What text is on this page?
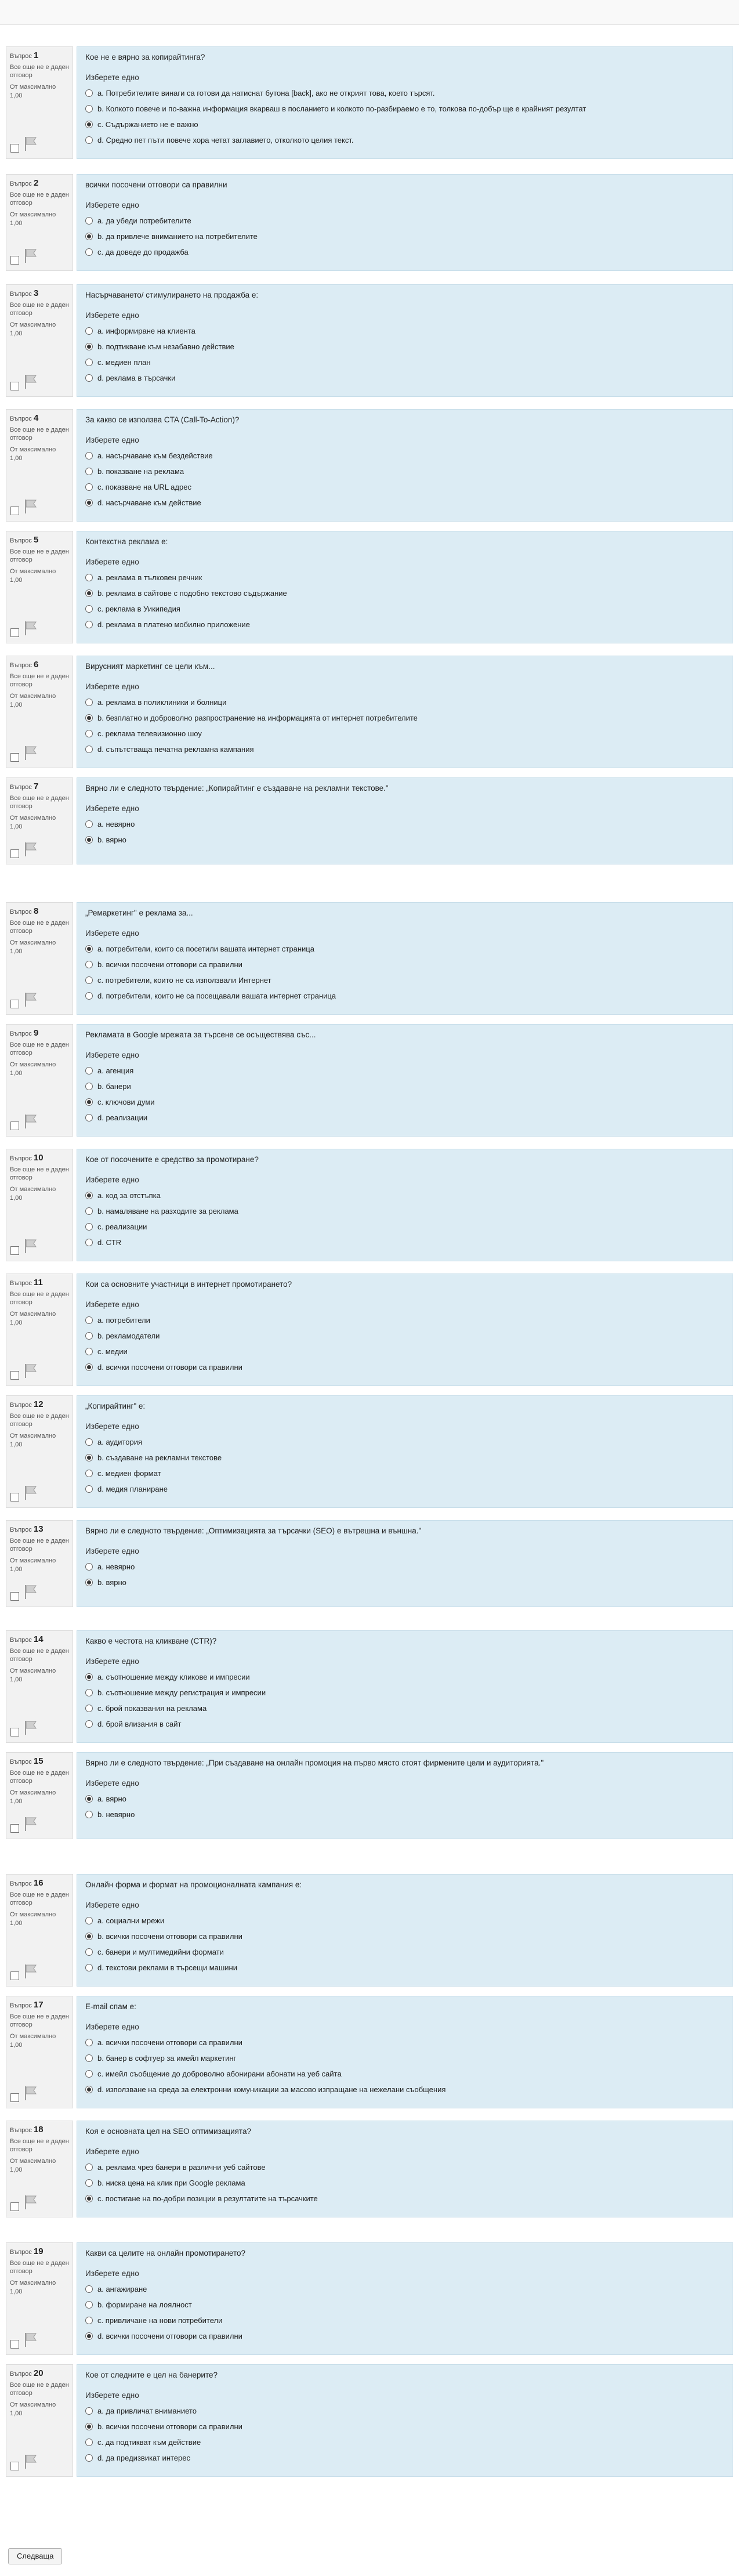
Въпрос 1
Все още не е даден отговор
От максимално
1,00
Кое не е вярно за копирайтинга?
Изберете едно
a. Потребителите винаги са готови да натиснат бутона [back], ако не открият това, което търсят.
b. Колкото повече и по-важна информация вкарваш в посланието и колкото по-разбираемо е то, толкова по-добър ще е крайният резултат
c. Съдържанието не е важно
d. Средно пет пъти повече хора четат заглавието, отколкото целия текст.
Въпрос 2
Все още не е даден отговор
От максимално
1,00
всички посочени отговори са правилни
Изберете едно
a. да убеди потребителите
b. да привлече вниманието на потребителите
c. да доведе до продажба
Въпрос 3
Все още не е даден отговор
От максимално
1,00
Насърчаването/ стимулирането на продажба е:
Изберете едно
a. информиране на клиента
b. подтикване към незабавно действие
c. медиен план
d. реклама в търсачки
Въпрос 4
Все още не е даден отговор
От максимално
1,00
За какво се използва CTA (Call-To-Action)?
Изберете едно
a. насърчаване към бездействие
b. показване на реклама
c. показване на URL адрес
d. насърчаване към действие
Въпрос 5
Все още не е даден отговор
От максимално
1,00
Контекстна реклама е:
Изберете едно
a. реклама в тълковен речник
b. реклама в сайтове с подобно текстово съдържание
c. реклама в Уикипедия
d. реклама в платено мобилно приложение
Въпрос 6
Все още не е даден отговор
От максимално
1,00
Вирусният маркетинг се цели към...
Изберете едно
a. реклама в поликлиники и болници
b. безплатно и доброволно разпространение на информацията от интернет потребителите
c. реклама телевизионно шоу
d. съпътстваща печатна рекламна кампания
Въпрос 7
Все още не е даден отговор
От максимално
1,00
Вярно ли е следното твърдение: „Копирайтинг е създаване на рекламни текстове."
Изберете едно
a. невярно
b. вярно
Въпрос 8
Все още не е даден отговор
От максимално
1,00
„Ремаркетинг" е реклама за...
Изберете едно
a. потребители, които са посетили вашата интернет страница
b. всички посочени отговори са правилни
c. потребители, които не са използвали Интернет
d. потребители, които не са посещавали вашата интернет страница
Въпрос 9
Все още не е даден отговор
От максимално
1,00
Рекламата в Google мрежата за търсене се осъществява със...
Изберете едно
a. агенция
b. банери
c. ключови думи
d. реализации
Въпрос 10
Все още не е даден отговор
От максимално
1,00
Кое от посочените е средство за промотиране?
Изберете едно
a. код за отстъпка
b. намаляване на разходите за реклама
c. реализации
d. CTR
Въпрос 11
Все още не е даден отговор
От максимално
1,00
Кои са основните участници в интернет промотирането?
Изберете едно
a. потребители
b. рекламодатели
c. медии
d. всички посочени отговори са правилни
Въпрос 12
Все още не е даден отговор
От максимално
1,00
„Копирайтинг" е:
Изберете едно
a. аудитория
b. създаване на рекламни текстове
c. медиен формат
d. медия планиране
Въпрос 13
Все още не е даден отговор
От максимално
1,00
Вярно ли е следното твърдение: „Оптимизацията за търсачки (SEO) е вътрешна и външна."
Изберете едно
a. невярно
b. вярно
Въпрос 14
Все още не е даден отговор
От максимално
1,00
Какво е честота на кликване (CTR)?
Изберете едно
a. съотношение между кликове и импресии
b. съотношение между регистрация и импресии
c. брой показвания на реклама
d. брой влизания в сайт
Въпрос 15
Все още не е даден отговор
От максимално
1,00
Вярно ли е следното твърдение: „При създаване на онлайн промоция на първо място стоят фирмените цели и аудиторията."
Изберете едно
a. вярно
b. невярно
Въпрос 16
Все още не е даден отговор
От максимално
1,00
Онлайн форма и формат на промоционалната кампания е:
Изберете едно
a. социални мрежи
b. всички посочени отговори са правилни
c. банери и мултимедийни формати
d. текстови реклами в търсещи машини
Въпрос 17
Все още не е даден отговор
От максимално
1,00
E-mail спам е:
Изберете едно
a. всички посочени отговори са правилни
b. банер в софтуер за имейл маркетинг
c. имейл съобщение до доброволно абонирани абонати на уеб сайта
d. използване на среда за електронни комуникации за масово изпращане на нежелани съобщения
Въпрос 18
Все още не е даден отговор
От максимално
1,00
Коя е основната цел на SEO оптимизацията?
Изберете едно
a. реклама чрез банери в различни уеб сайтове
b. ниска цена на клик при Google реклама
c. постигане на по-добри позиции в резултатите на търсачките
Въпрос 19
Все още не е даден отговор
От максимално
1,00
Какви са целите на онлайн промотирането?
Изберете едно
a. ангажиране
b. формиране на лоялност
c. привличане на нови потребители
d. всички посочени отговори са правилни
Въпрос 20
Все още не е даден отговор
От максимално
1,00
Кое от следните е цел на банерите?
Изберете едно
a. да привличат вниманието
b. всички посочени отговори са правилни
c. да подтикват към действие
d. да предизвикат интерес
Следваща
